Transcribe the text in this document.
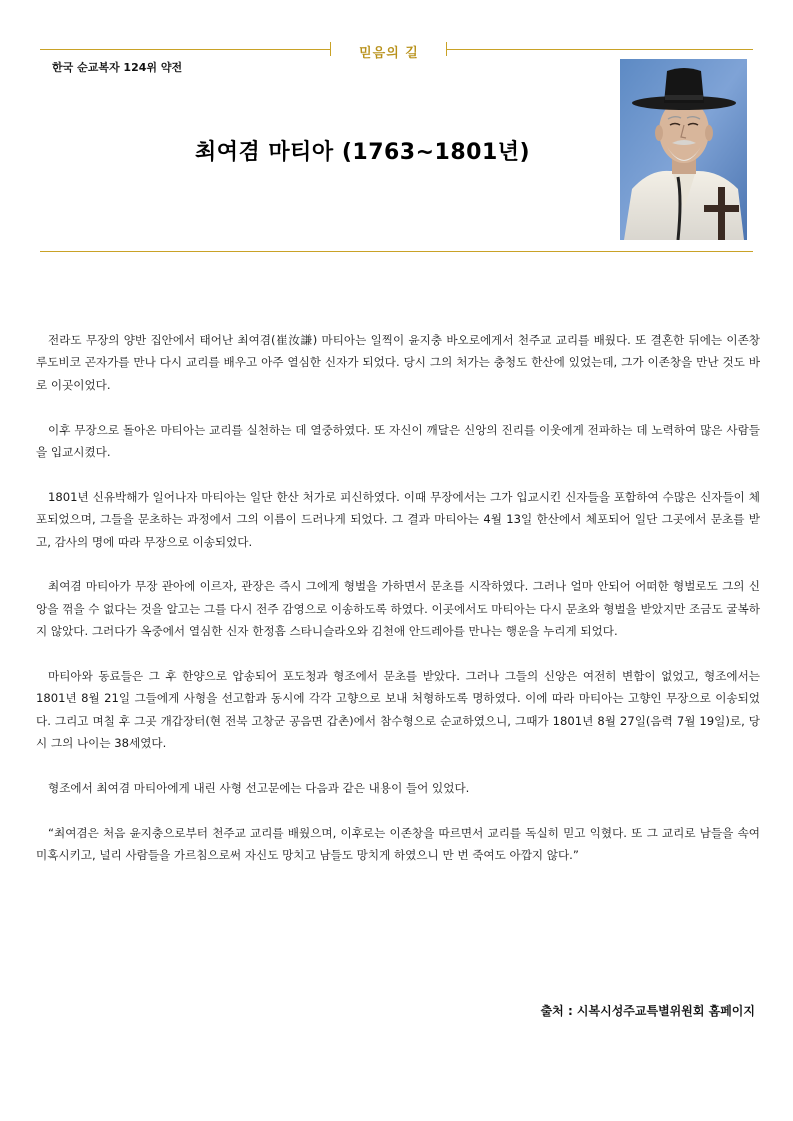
믿음의 길
한국 순교복자 124위 약전
최여겸 마티아 (1763~1801년)

전라도 무장의 양반 집안에서 태어난 최여겸(崔汝謙) 마티아는 일찍이 윤지충 바오로에게서 천주교 교리를 배웠다. 또 결혼한 뒤에는 이존창 루도비코 곤자가를 만나 다시 교리를 배우고 아주 열심한 신자가 되었다. 당시 그의 처가는 충청도 한산에 있었는데, 그가 이존창을 만난 것도 바로 이곳이었다.

이후 무장으로 돌아온 마티아는 교리를 실천하는 데 열중하였다. 또 자신이 깨달은 신앙의 진리를 이웃에게 전파하는 데 노력하여 많은 사람들을 입교시켰다.

1801년 신유박해가 일어나자 마티아는 일단 한산 처가로 피신하였다. 이때 무장에서는 그가 입교시킨 신자들을 포함하여 수많은 신자들이 체포되었으며, 그들을 문초하는 과정에서 그의 이름이 드러나게 되었다. 그 결과 마티아는 4월 13일 한산에서 체포되어 일단 그곳에서 문초를 받고, 감사의 명에 따라 무장으로 이송되었다.

최여겸 마티아가 무장 관아에 이르자, 관장은 즉시 그에게 형벌을 가하면서 문초를 시작하였다. 그러나 얼마 안되어 어떠한 형벌로도 그의 신앙을 꺾을 수 없다는 것을 알고는 그를 다시 전주 감영으로 이송하도록 하였다. 이곳에서도 마티아는 다시 문초와 형벌을 받았지만 조금도 굴복하지 않았다. 그러다가 옥중에서 열심한 신자 한정흠 스타니슬라오와 김천애 안드레아를 만나는 행운을 누리게 되었다.

마티아와 동료들은 그 후 한양으로 압송되어 포도청과 형조에서 문초를 받았다. 그러나 그들의 신앙은 여전히 변함이 없었고, 형조에서는 1801년 8월 21일 그들에게 사형을 선고함과 동시에 각각 고향으로 보내 처형하도록 명하였다. 이에 따라 마티아는 고향인 무장으로 이송되었다. 그리고 며칠 후 그곳 개갑장터(현 전북 고창군 공음면 갑촌)에서 참수형으로 순교하였으니, 그때가 1801년 8월 27일(음력 7월 19일)로, 당시 그의 나이는 38세였다.

형조에서 최여겸 마티아에게 내린 사형 선고문에는 다음과 같은 내용이 들어 있었다.

“최여겸은 처음 윤지충으로부터 천주교 교리를 배웠으며, 이후로는 이존창을 따르면서 교리를 독실히 믿고 익혔다. 또 그 교리로 남들을 속여 미혹시키고, 널리 사람들을 가르침으로써 자신도 망치고 남들도 망치게 하였으니 만 번 죽여도 아깝지 않다.”

출처 : 시복시성주교특별위원회 홈페이지
